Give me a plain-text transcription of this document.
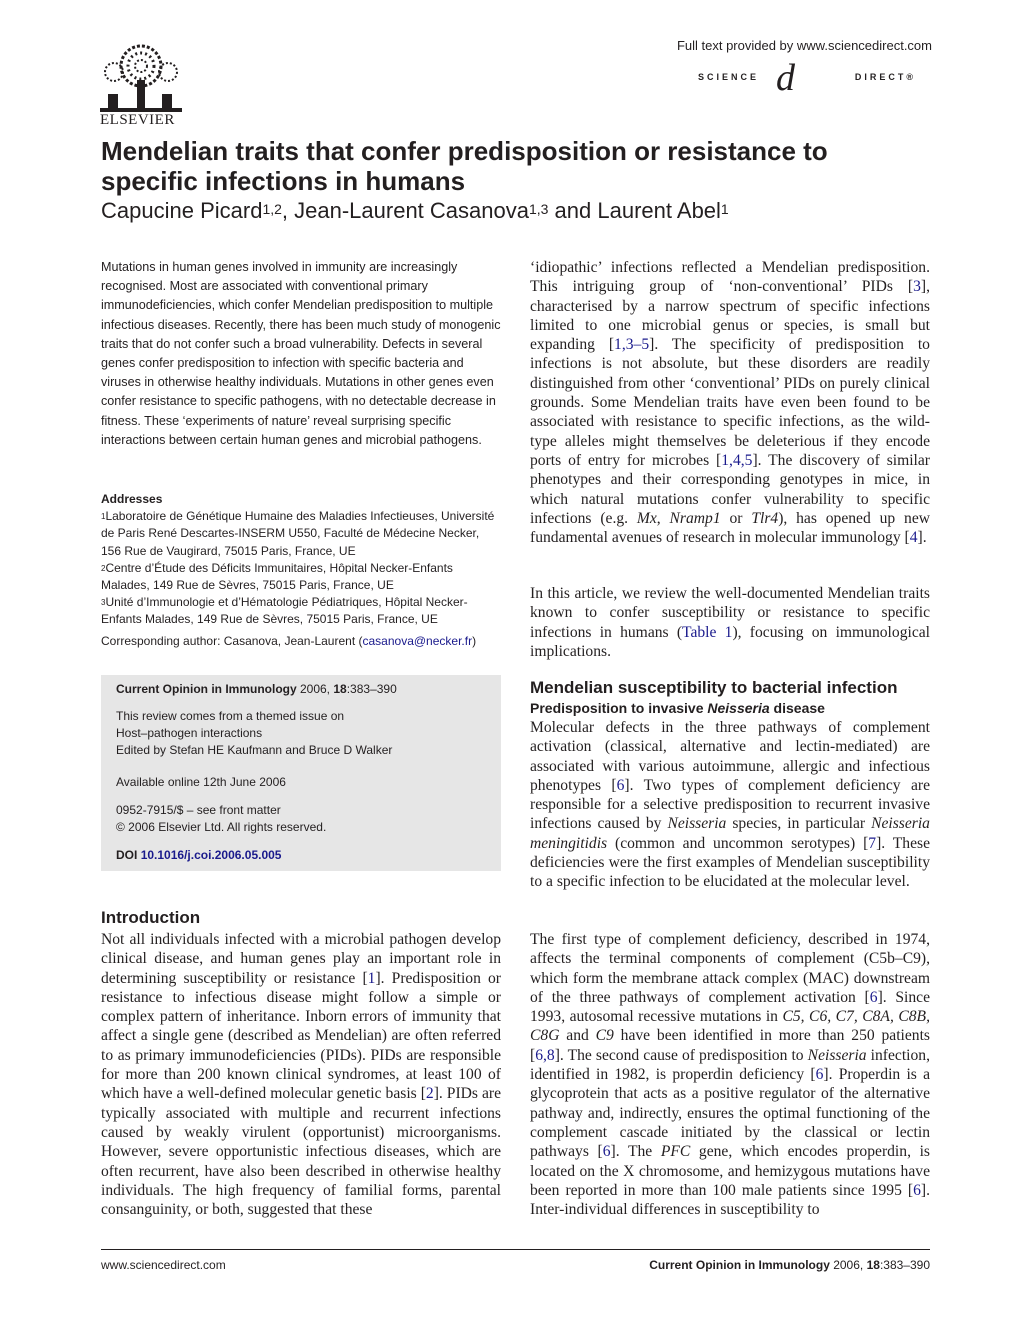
ELSEVIER
Full text provided by www.sciencedirect.com
SCIENCE d	DIRECT®
Mendelian traits that confer predisposition or resistance to specific infections in humans
Capucine Picard$^{1,2}$, Jean-Laurent Casanova$^{1,3}$ and Laurent Abel$^1$
Mutations in human genes involved in immunity are increasingly recognised. Most are associated with conventional primary immunodeficiencies, which confer Mendelian predisposition to multiple infectious diseases. Recently, there has been much study of monogenic traits that do not confer such a broad vulnerability. Defects in several genes confer predisposition to infection with specific bacteria and viruses in otherwise healthy individuals. Mutations in other genes even confer resistance to specific pathogens, with no detectable decrease in fitness. These ‘experiments of nature’ reveal surprising specific interactions between certain human genes and microbial pathogens.
Addresses
$^1$Laboratoire de Génétique Humaine des Maladies Infectieuses, Université de Paris René Descartes-INSERM U550, Faculté de Médecine Necker, 156 Rue de Vaugirard, 75015 Paris, France, UE
$^2$Centre d’Étude des Déficits Immunitaires, Hôpital Necker-Enfants Malades, 149 Rue de Sèvres, 75015 Paris, France, UE
$^3$Unité d’Immunologie et d’Hématologie Pédiatriques, Hôpital Necker-Enfants Malades, 149 Rue de Sèvres, 75015 Paris, France, UE
Corresponding author: Casanova, Jean-Laurent (casanova@necker.fr)

Current Opinion in Immunology 2006, 18:383–390

This review comes from a themed issue on

Host–pathogen interactions

Edited by Stefan HE Kaufmann and Bruce D Walker

Available online 12th June 2006

0952-7915/$ – see front matter

© 2006 Elsevier Ltd. All rights reserved.

DOI 10.1016/j.coi.2006.05.005

Introduction
Not all individuals infected with a microbial pathogen develop clinical disease, and human genes play an important role in determining susceptibility or resistance [1]. Predisposition or resistance to infectious disease might follow a simple or complex pattern of inheritance. Inborn errors of immunity that affect a single gene (described as Mendelian) are often referred to as primary immunodeficiencies (PIDs). PIDs are responsible for more than 200 known clinical syndromes, at least 100 of which have a well-defined molecular genetic basis [2]. PIDs are typically associated with multiple and recurrent infections caused by weakly virulent (opportunist) microorganisms. However, severe opportunistic infectious diseases, which are often recurrent, have also been described in otherwise healthy individuals. The high frequency of familial forms, parental consanguinity, or both, suggested that these
‘idiopathic’ infections reflected a Mendelian predisposition. This intriguing group of ‘non-conventional’ PIDs [3], characterised by a narrow spectrum of specific infections limited to one microbial genus or species, is small but expanding [1,3–5]. The specificity of predisposition to infections is not absolute, but these disorders are readily distinguished from other ‘conventional’ PIDs on purely clinical grounds. Some Mendelian traits have even been found to be associated with resistance to specific infections, as the wild-type alleles might themselves be deleterious if they encode ports of entry for microbes [1,4,5]. The discovery of similar phenotypes and their corresponding genotypes in mice, in which natural mutations confer vulnerability to specific infections (e.g. Mx, Nramp1 or Tlr4), has opened up new fundamental avenues of research in molecular immunology [4].
In this article, we review the well-documented Mendelian traits known to confer susceptibility or resistance to specific infections in humans (Table 1), focusing on immunological implications.
Mendelian susceptibility to bacterial infection
Predisposition to invasive Neisseria disease
Molecular defects in the three pathways of complement activation (classical, alternative and lectin-mediated) are associated with various autoimmune, allergic and infectious phenotypes [6]. Two types of complement deficiency are responsible for a selective predisposition to recurrent invasive infections caused by Neisseria species, in particular Neisseria meningitidis (common and uncommon serotypes) [7]. These deficiencies were the first examples of Mendelian susceptibility to a specific infection to be elucidated at the molecular level.
The first type of complement deficiency, described in 1974, affects the terminal components of complement (C5b–C9), which form the membrane attack complex (MAC) downstream of the three pathways of complement activation [6]. Since 1993, autosomal recessive mutations in C5, C6, C7, C8A, C8B, C8G and C9 have been identified in more than 250 patients [6,8]. The second cause of predisposition to Neisseria infection, identified in 1982, is properdin deficiency [6]. Properdin is a glycoprotein that acts as a positive regulator of the alternative pathway and, indirectly, ensures the optimal functioning of the complement cascade initiated by the classical or lectin pathways [6]. The PFC gene, which encodes properdin, is located on the X chromosome, and hemizygous mutations have been reported in more than 100 male patients since 1995 [6]. Inter-individual differences in susceptibility to
www.sciencedirect.com	Current Opinion in Immunology 2006, 18:383–390
